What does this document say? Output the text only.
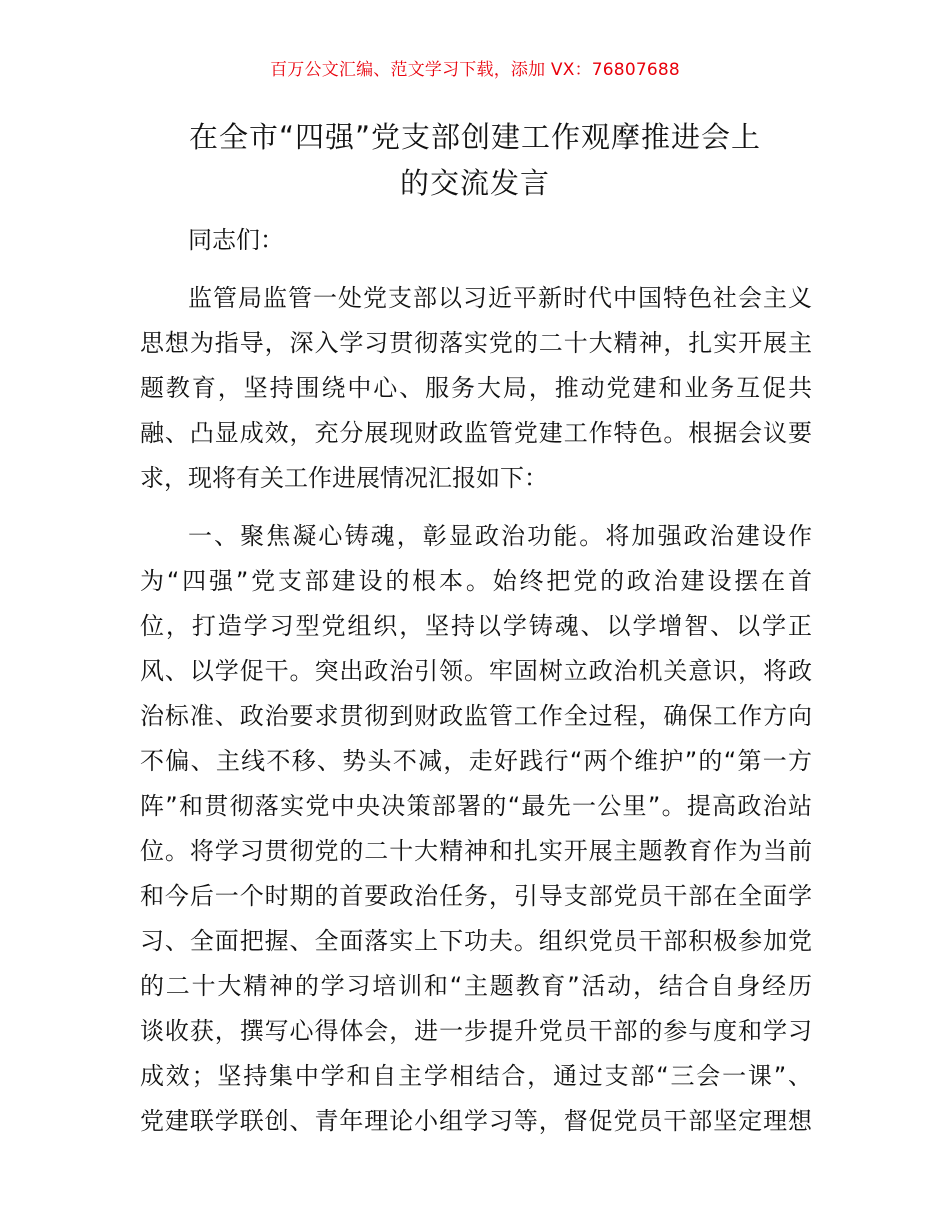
百万公文汇编、范文学习下载，添加 VX：76807688
在全市“四强”党支部创建工作观摩推进会上
的交流发言
同志们：
监管局监管一处党支部以习近平新时代中国特色社会主义
思想为指导，深入学习贯彻落实党的二十大精神，扎实开展主
题教育，坚持围绕中心、服务大局，推动党建和业务互促共
融、凸显成效，充分展现财政监管党建工作特色。根据会议要
求，现将有关工作进展情况汇报如下：
一、聚焦凝心铸魂，彰显政治功能。将加强政治建设作
为“四强”党支部建设的根本。始终把党的政治建设摆在首
位，打造学习型党组织，坚持以学铸魂、以学增智、以学正
风、以学促干。突出政治引领。牢固树立政治机关意识，将政
治标准、政治要求贯彻到财政监管工作全过程，确保工作方向
不偏、主线不移、势头不减，走好践行“两个维护”的“第一方
阵”和贯彻落实党中央决策部署的“最先一公里”。提高政治站
位。将学习贯彻党的二十大精神和扎实开展主题教育作为当前
和今后一个时期的首要政治任务，引导支部党员干部在全面学
习、全面把握、全面落实上下功夫。组织党员干部积极参加党
的二十大精神的学习培训和“主题教育”活动，结合自身经历
谈收获，撰写心得体会，进一步提升党员干部的参与度和学习
成效；坚持集中学和自主学相结合，通过支部“三会一课”、
党建联学联创、青年理论小组学习等，督促党员干部坚定理想
